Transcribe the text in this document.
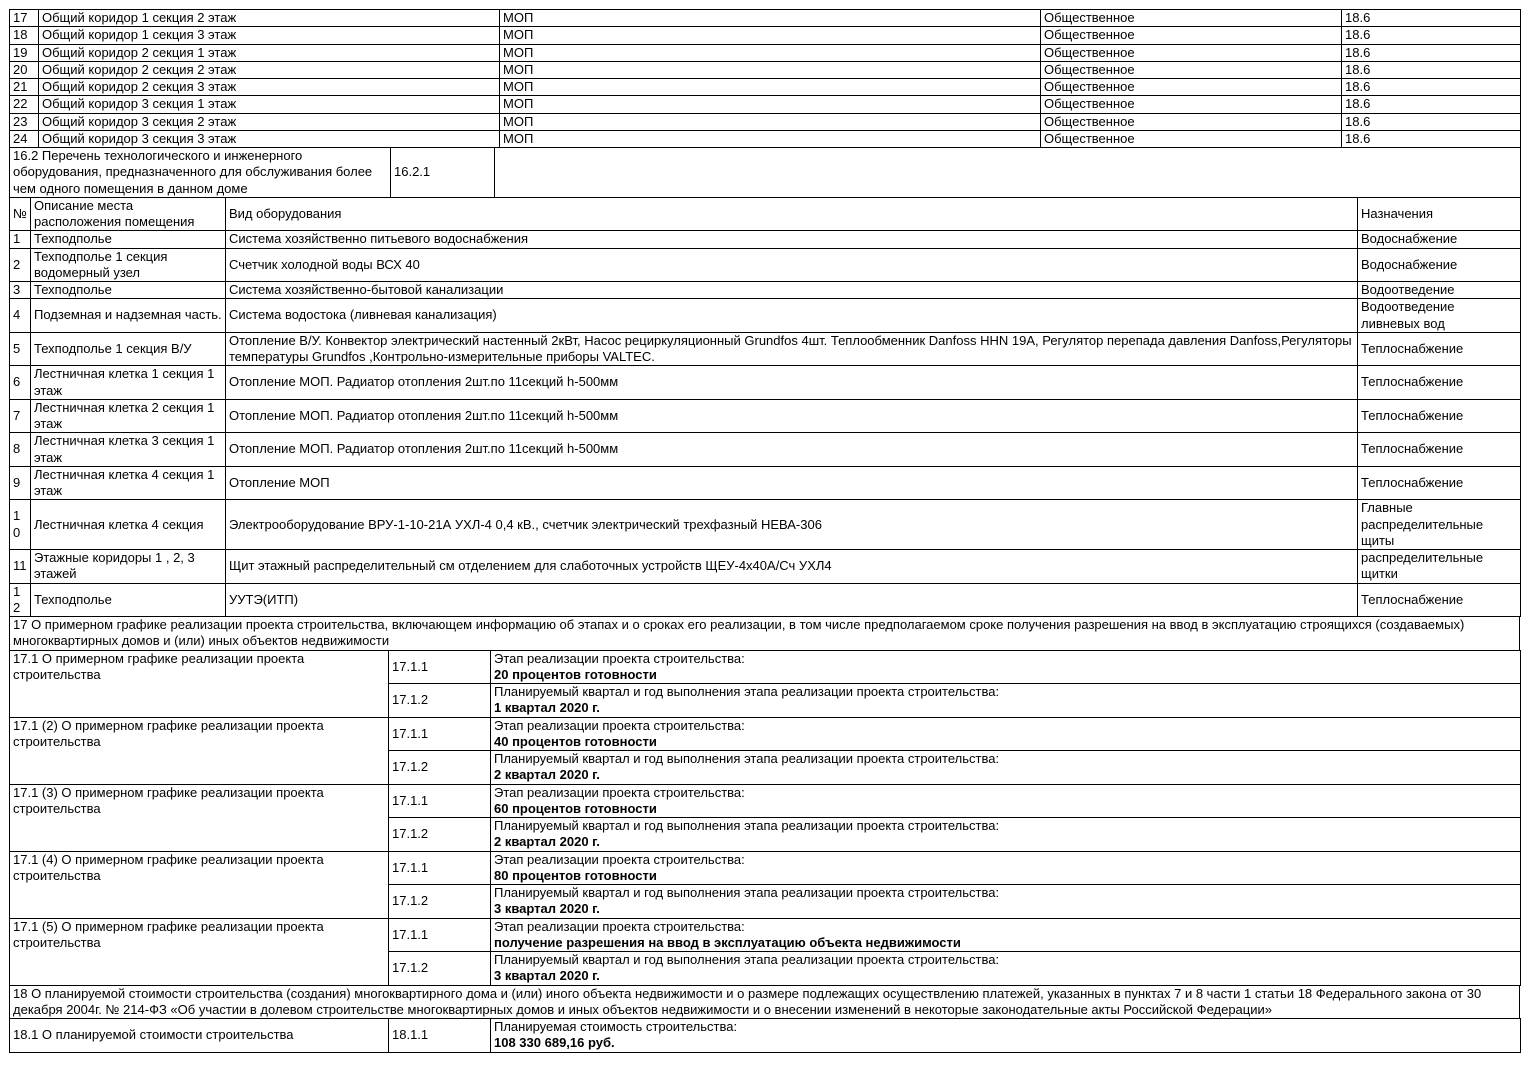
17	Общий коридор 1 секция 2 этаж	МОП	Общественное	18.6
18	Общий коридор 1 секция 3 этаж	МОП	Общественное	18.6
19	Общий коридор 2 секция 1 этаж	МОП	Общественное	18.6
20	Общий коридор 2 секция 2 этаж	МОП	Общественное	18.6
21	Общий коридор 2 секция 3 этаж	МОП	Общественное	18.6
22	Общий коридор 3 секция 1 этаж	МОП	Общественное	18.6
23	Общий коридор 3 секция 2 этаж	МОП	Общественное	18.6
24	Общий коридор 3 секция 3 этаж	МОП	Общественное	18.6
16.2 Перечень технологического и инженерного оборудования, предназначенного для обслуживания более чем одного помещения в данном доме	16.2.1	
№	Описание места расположения помещения	Вид оборудования	Назначения
1	Техподполье	Система хозяйственно питьевого водоснабжения	Водоснабжение
2	Техподполье 1 секция водомерный узел	Счетчик холодной воды ВСХ 40	Водоснабжение
3	Техподполье	Система хозяйственно-бытовой канализации	Водоотведение
4	Подземная и надземная часть.	Система водостока (ливневая канализация)	Водоотведение ливневых вод
5	Техподполье 1 секция В/У	Отопление В/У. Конвектор электрический настенный 2кВт, Насос рециркуляционный Grundfos 4шт. Теплообменник Danfoss HHN 19A, Регулятор перепада давления Danfoss,Регуляторы температуры Grundfos ,Контрольно-измерительные приборы VALTEC.	Теплоснабжение
6	Лестничная клетка 1 секция 1 этаж	Отопление МОП. Радиатор отопления 2шт.по 11секций h-500мм	Теплоснабжение
7	Лестничная клетка 2 секция 1 этаж	Отопление МОП. Радиатор отопления 2шт.по 11секций h-500мм	Теплоснабжение
8	Лестничная клетка 3 секция 1 этаж	Отопление МОП. Радиатор отопления 2шт.по 11секций h-500мм	Теплоснабжение
9	Лестничная клетка 4 секция 1 этаж	Отопление МОП	Теплоснабжение
10	Лестничная клетка 4 секция	Электрооборудование ВРУ-1-10-21А УХЛ-4 0,4 кВ., счетчик электрический трехфазный НЕВА-306	Главные распределительные щиты
11	Этажные коридоры 1 , 2, 3 этажей	Щит этажный распределительный см отделением для слаботочных устройств ЩЕУ-4х40А/Сч УХЛ4	распределительные щитки
12	Техподполье	УУТЭ(ИТП)	Теплоснабжение
17 О примерном графике реализации проекта строительства, включающем информацию об этапах и о сроках его реализации, в том числе предполагаемом сроке получения разрешения на ввод в эксплуатацию строящихся (создаваемых) многоквартирных домов и (или) иных объектов недвижимости
17.1 О примерном графике реализации проекта строительства	17.1.1	Этап реализации проекта строительства:
20 процентов готовности

	17.1.2	Планируемый квартал и год выполнения этапа реализации проекта строительства:
1 квартал 2020 г.

17.1 (2) О примерном графике реализации проекта строительства	17.1.1	Этап реализации проекта строительства:
40 процентов готовности

	17.1.2	Планируемый квартал и год выполнения этапа реализации проекта строительства:
2 квартал 2020 г.

17.1 (3) О примерном графике реализации проекта строительства	17.1.1	Этап реализации проекта строительства:
60 процентов готовности

	17.1.2	Планируемый квартал и год выполнения этапа реализации проекта строительства:
2 квартал 2020 г.

17.1 (4) О примерном графике реализации проекта строительства	17.1.1	Этап реализации проекта строительства:
80 процентов готовности

	17.1.2	Планируемый квартал и год выполнения этапа реализации проекта строительства:
3 квартал 2020 г.

17.1 (5) О примерном графике реализации проекта строительства	17.1.1	Этап реализации проекта строительства:
получение разрешения на ввод в эксплуатацию объекта недвижимости

	17.1.2	Планируемый квартал и год выполнения этапа реализации проекта строительства:
3 квартал 2020 г.
18 О планируемой стоимости строительства (создания) многоквартирного дома и (или) иного объекта недвижимости и о размере подлежащих осуществлению платежей, указанных в пунктах 7 и 8 части 1 статьи 18 Федерального закона от 30 декабря 2004г. № 214-ФЗ «Об участии в долевом строительстве многоквартирных домов и иных объектов недвижимости и о внесении изменений в некоторые законодательные акты Российской Федерации»
18.1 О планируемой стоимости строительства	18.1.1	
Планируемая стоимость строительства:
108 330 689,16 руб.
